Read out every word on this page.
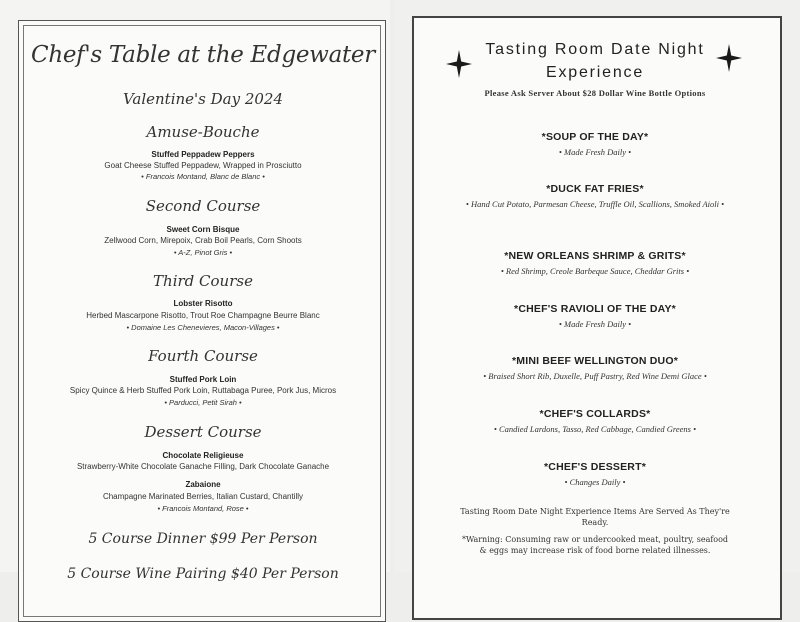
Chef's Table at the Edgewater
Valentine's Day 2024
Amuse-Bouche
Stuffed Peppadew Peppers
Goat Cheese Stuffed Peppadew, Wrapped in Prosciutto
• Francois Montand, Blanc de Blanc •
Second Course
Sweet Corn Bisque
Zellwood Corn, Mirepoix, Crab Boil Pearls, Corn Shoots
• A-Z, Pinot Gris •
Third Course
Lobster Risotto
Herbed Mascarpone Risotto, Trout Roe Champagne Beurre Blanc
• Domaine Les Chenevieres, Macon-Villages •
Fourth Course
Stuffed Pork Loin
Spicy Quince & Herb Stuffed Pork Loin, Ruttabaga Puree, Pork Jus, Micros
• Parducci, Petit Sirah •
Dessert Course
Chocolate Religieuse
Strawberry-White Chocolate Ganache Filling, Dark Chocolate Ganache
Zabaione
Champagne Marinated Berries, Italian Custard, Chantilly
• Francois Montand, Rose •
5 Course Dinner $99 Per Person
5 Course Wine Pairing $40 Per Person
Tasting Room Date Night
Experience
Please Ask Server About $28 Dollar Wine Bottle Options
*SOUP OF THE DAY*
• Made Fresh Daily •
*DUCK FAT FRIES*
• Hand Cut Potato, Parmesan Cheese, Truffle Oil, Scallions, Smoked Aioli •
*NEW ORLEANS SHRIMP & GRITS*
• Red Shrimp, Creole Barbeque Sauce, Cheddar Grits •
*CHEF'S RAVIOLI OF THE DAY*
• Made Fresh Daily •
*MINI BEEF WELLINGTON DUO*
• Braised Short Rib, Duxelle, Puff Pastry, Red Wine Demi Glace •
*CHEF'S COLLARDS*
• Candied Lardons, Tasso, Red Cabbage, Candied Greens •
*CHEF'S DESSERT*
• Changes Daily •
Tasting Room Date Night Experience Items Are Served As They're Ready.
*Warning: Consuming raw or undercooked meat, poultry, seafood & eggs may increase risk of food borne related illnesses.
